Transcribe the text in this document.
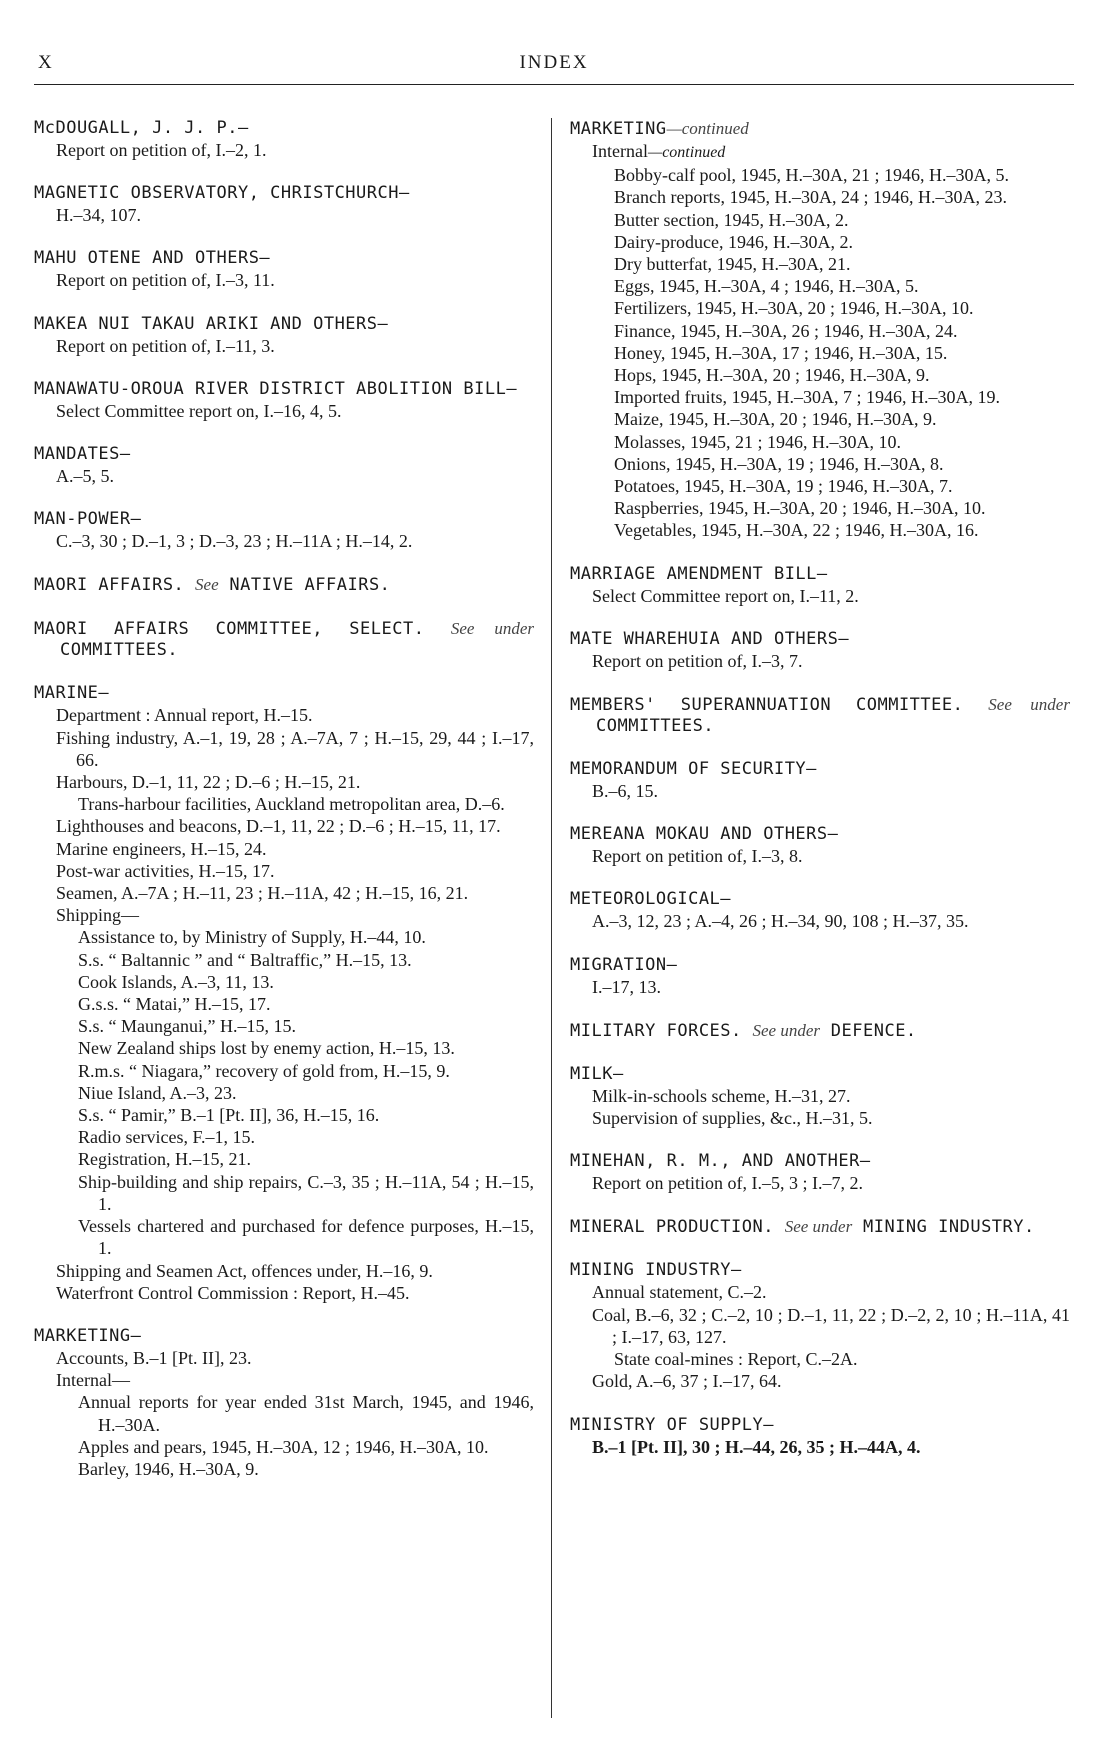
X	INDEX
McDOUGALL, J. J. P.—
Report on petition of, I.–2, 1.
MAGNETIC OBSERVATORY, CHRISTCHURCH—
H.–34, 107.
MAHU OTENE AND OTHERS—
Report on petition of, I.–3, 11.
MAKEA NUI TAKAU ARIKI AND OTHERS—
Report on petition of, I.–11, 3.
MANAWATU-OROUA RIVER DISTRICT ABOLITION BILL—
Select Committee report on, I.–16, 4, 5.
MANDATES—
A.–5, 5.
MAN-POWER—
C.–3, 30 ; D.–1, 3 ; D.–3, 23 ; H.–11A ; H.–14, 2.
MAORI AFFAIRS. See NATIVE AFFAIRS.
MAORI AFFAIRS COMMITTEE, SELECT. See under COMMITTEES.
MARINE—
Department : Annual report, H.–15.
Fishing industry, A.–1, 19, 28 ; A.–7A, 7 ; H.–15, 29, 44 ; I.–17, 66.
Harbours, D.–1, 11, 22 ; D.–6 ; H.–15, 21.
Trans-harbour facilities, Auckland metropolitan area, D.–6.
Lighthouses and beacons, D.–1, 11, 22 ; D.–6 ; H.–15, 11, 17.
Marine engineers, H.–15, 24.
Post-war activities, H.–15, 17.
Seamen, A.–7A ; H.–11, 23 ; H.–11A, 42 ; H.–15, 16, 21.
Shipping—
Assistance to, by Ministry of Supply, H.–44, 10.
S.s. “ Baltannic ” and “ Baltraffic,” H.–15, 13.
Cook Islands, A.–3, 11, 13.
G.s.s. “ Matai,” H.–15, 17.
S.s. “ Maunganui,” H.–15, 15.
New Zealand ships lost by enemy action, H.–15, 13.
R.m.s. “ Niagara,” recovery of gold from, H.–15, 9.
Niue Island, A.–3, 23.
S.s. “ Pamir,” B.–1 [Pt. II], 36, H.–15, 16.
Radio services, F.–1, 15.
Registration, H.–15, 21.
Ship-building and ship repairs, C.–3, 35 ; H.–11A, 54 ; H.–15, 1.
Vessels chartered and purchased for defence purposes, H.–15, 1.
Shipping and Seamen Act, offences under, H.–16, 9.
Waterfront Control Commission : Report, H.–45.
MARKETING—
Accounts, B.–1 [Pt. II], 23.
Internal—
Annual reports for year ended 31st March, 1945, and 1946, H.–30A.
Apples and pears, 1945, H.–30A, 12 ; 1946, H.–30A, 10.
Barley, 1946, H.–30A, 9.
MARKETING—continued
Internal—continued
Bobby-calf pool, 1945, H.–30A, 21 ; 1946, H.–30A, 5.
Branch reports, 1945, H.–30A, 24 ; 1946, H.–30A, 23.
Butter section, 1945, H.–30A, 2.
Dairy-produce, 1946, H.–30A, 2.
Dry butterfat, 1945, H.–30A, 21.
Eggs, 1945, H.–30A, 4 ; 1946, H.–30A, 5.
Fertilizers, 1945, H.–30A, 20 ; 1946, H.–30A, 10.
Finance, 1945, H.–30A, 26 ; 1946, H.–30A, 24.
Honey, 1945, H.–30A, 17 ; 1946, H.–30A, 15.
Hops, 1945, H.–30A, 20 ; 1946, H.–30A, 9.
Imported fruits, 1945, H.–30A, 7 ; 1946, H.–30A, 19.
Maize, 1945, H.–30A, 20 ; 1946, H.–30A, 9.
Molasses, 1945, 21 ; 1946, H.–30A, 10.
Onions, 1945, H.–30A, 19 ; 1946, H.–30A, 8.
Potatoes, 1945, H.–30A, 19 ; 1946, H.–30A, 7.
Raspberries, 1945, H.–30A, 20 ; 1946, H.–30A, 10.
Vegetables, 1945, H.–30A, 22 ; 1946, H.–30A, 16.
MARRIAGE AMENDMENT BILL—
Select Committee report on, I.–11, 2.
MATE WHAREHUIA AND OTHERS—
Report on petition of, I.–3, 7.
MEMBERS' SUPERANNUATION COMMITTEE. See under COMMITTEES.
MEMORANDUM OF SECURITY—
B.–6, 15.
MEREANA MOKAU AND OTHERS—
Report on petition of, I.–3, 8.
METEOROLOGICAL—
A.–3, 12, 23 ; A.–4, 26 ; H.–34, 90, 108 ; H.–37, 35.
MIGRATION—
I.–17, 13.
MILITARY FORCES. See under DEFENCE.
MILK—
Milk-in-schools scheme, H.–31, 27.
Supervision of supplies, &c., H.–31, 5.
MINEHAN, R. M., AND ANOTHER—
Report on petition of, I.–5, 3 ; I.–7, 2.
MINERAL PRODUCTION. See under MINING INDUSTRY.
MINING INDUSTRY—
Annual statement, C.–2.
Coal, B.–6, 32 ; C.–2, 10 ; D.–1, 11, 22 ; D.–2, 2, 10 ; H.–11A, 41 ; I.–17, 63, 127.
State coal-mines : Report, C.–2A.
Gold, A.–6, 37 ; I.–17, 64.
MINISTRY OF SUPPLY—
B.–1 [Pt. II], 30 ; H.–44, 26, 35 ; H.–44A, 4.
